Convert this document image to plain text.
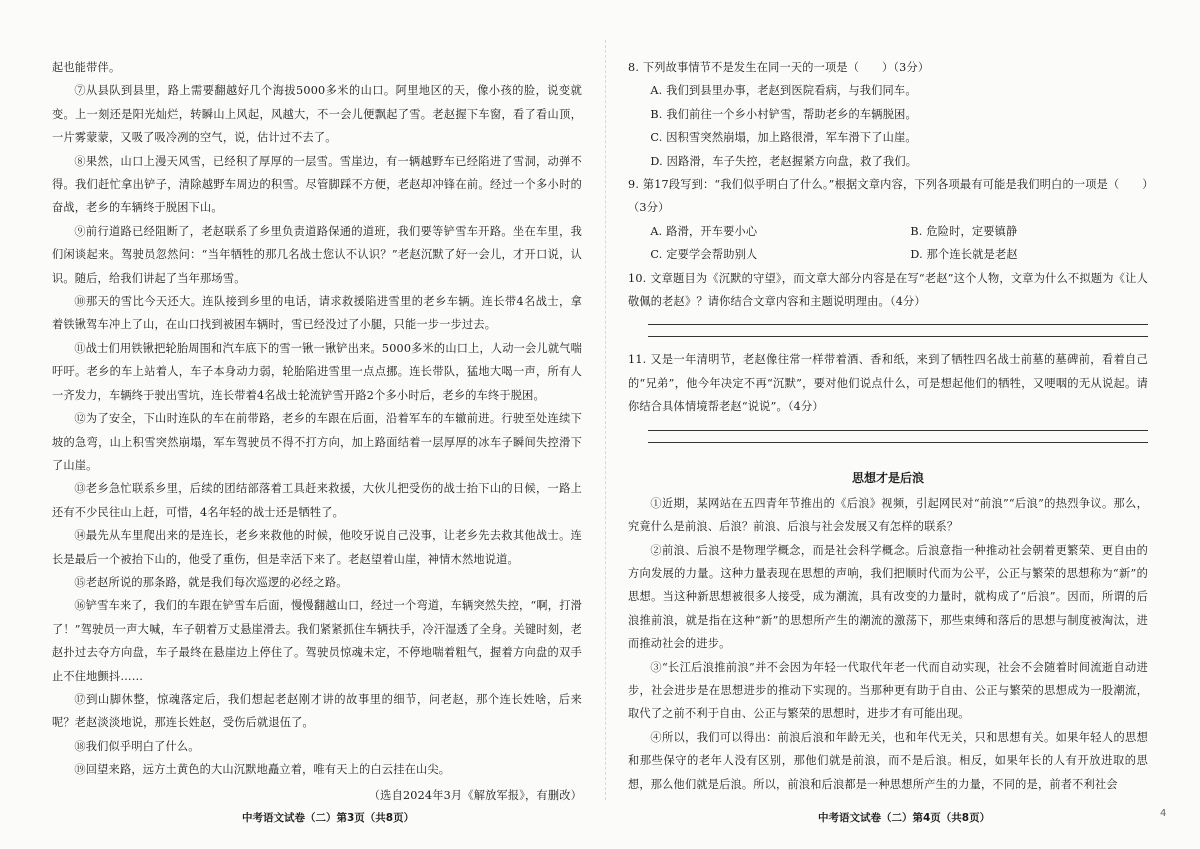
起也能带伴。

⑦从县队到县里，路上需要翻越好几个海拔5000多米的山口。阿里地区的天，像小孩的脸，说变就变。上一刻还是阳光灿烂，转瞬山上风起，风越大，不一会儿便飘起了雪。老赵握下车窗，看了看山顶，一片雾蒙蒙，又吸了吸冷冽的空气，说，估计过不去了。

⑧果然，山口上漫天风雪，已经积了厚厚的一层雪。雪崖边，有一辆越野车已经陷进了雪洞，动弹不得。我们赶忙拿出铲子，清除越野车周边的积雪。尽管脚踩不方便，老赵却冲锋在前。经过一个多小时的奋战，老乡的车辆终于脱困下山。

⑨前行道路已经阻断了，老赵联系了乡里负责道路保通的道班，我们要等铲雪车开路。坐在车里，我们闲谈起来。驾驶员忽然问：“当年牺牲的那几名战士您认不认识？”老赵沉默了好一会儿，才开口说，认识。随后，给我们讲起了当年那场雪。

⑩那天的雪比今天还大。连队接到乡里的电话，请求救援陷进雪里的老乡车辆。连长带4名战士，拿着铁锹驾车冲上了山，在山口找到被困车辆时，雪已经没过了小腿，只能一步一步过去。

⑪战士们用铁锹把轮胎周围和汽车底下的雪一锹一锹铲出来。5000多米的山口上，人动一会儿就气喘吁吁。老乡的车上站着人，车子本身动力弱，轮胎陷进雪里一点点挪。连长带队，猛地大喝一声，所有人一齐发力，车辆终于驶出雪坑，连长带着4名战士轮流铲雪开路2个多小时后，老乡的车终于脱困。

⑫为了安全，下山时连队的车在前带路，老乡的车跟在后面，沿着军车的车辙前进。行驶至处连续下坡的急弯，山上积雪突然崩塌，军车驾驶员不得不打方向，加上路面结着一层厚厚的冰车子瞬间失控滑下了山崖。

⑬老乡急忙联系乡里，后续的团结部落着工具赶来救援，大伙儿把受伤的战士抬下山的日候，一路上还有不少民往山上赶，可惜，4名年轻的战士还是牺牲了。

⑭最先从车里爬出来的是连长，老乡来救他的时候，他咬牙说自己没事，让老乡先去救其他战士。连长是最后一个被抬下山的，他受了重伤，但是幸活下来了。老赵望着山崖，神情木然地说道。

⑮老赵所说的那条路，就是我们每次巡逻的必经之路。

⑯铲雪车来了，我们的车跟在铲雪车后面，慢慢翻越山口，经过一个弯道，车辆突然失控，“啊，打滑了！”驾驶员一声大喊，车子朝着万丈悬崖滑去。我们紧紧抓住车辆扶手，冷汗湿透了全身。关键时刻，老赵扑过去夺方向盘，车子最终在悬崖边上停住了。驾驶员惊魂未定，不停地喘着粗气，握着方向盘的双手止不住地颤抖……

⑰到山脚休整，惊魂落定后，我们想起老赵刚才讲的故事里的细节，问老赵，那个连长姓啥，后来呢？老赵淡淡地说，那连长姓赵，受伤后就退伍了。

⑱我们似乎明白了什么。

⑲回望来路，远方土黄色的大山沉默地矗立着，唯有天上的白云挂在山尖。

（选自2024年3月《解放军报》，有删改）

8. 下列故事情节不是发生在同一天的一项是（　　）（3分）

A. 我们到县里办事，老赵到医院看病，与我们同车。

B. 我们前往一个乡小村铲雪，帮助老乡的车辆脱困。

C. 因积雪突然崩塌，加上路很滑，军车滑下了山崖。

D. 因路滑，车子失控，老赵握紧方向盘，救了我们。

9. 第17段写到：“我们似乎明白了什么。”根据文章内容，下列各项最有可能是我们明白的一项是（　　）（3分）

A. 路滑，开车要小心	B. 危险时，定要镇静

C. 定要学会帮助别人	D. 那个连长就是老赵

10. 文章题目为《沉默的守望》，而文章大部分内容是在写“老赵”这个人物，文章为什么不拟题为《让人敬佩的老赵》？请你结合文章内容和主题说明理由。（4分）

11. 又是一年清明节，老赵像往常一样带着酒、香和纸，来到了牺牲四名战士前墓的墓碑前，看着自己的“兄弟”，他今年决定不再“沉默”，要对他们说点什么，可是想起他们的牺牲，又哽咽的无从说起。请你结合具体情境帮老赵“说说”。（4分）

思想才是后浪

①近期，某网站在五四青年节推出的《后浪》视频，引起网民对“前浪”“后浪”的热烈争议。那么，究竟什么是前浪、后浪？前浪、后浪与社会发展又有怎样的联系？

②前浪、后浪不是物理学概念，而是社会科学概念。后浪意指一种推动社会朝着更繁荣、更自由的方向发展的力量。这种力量表现在思想的声响，我们把顺时代而为公平，公正与繁荣的思想称为“新”的思想。当这种新思想被很多人接受，成为潮流，具有改变的力量时，就构成了“后浪”。因而，所谓的后浪推前浪，就是指在这种“新”的思想所产生的潮流的激荡下，那些束缚和落后的思想与制度被淘汰，进而推动社会的进步。

③“长江后浪推前浪”并不会因为年轻一代取代年老一代而自动实现，社会不会随着时间流逝自动进步，社会进步是在思想进步的推动下实现的。当那种更有助于自由、公正与繁荣的思想成为一股潮流，取代了之前不利于自由、公正与繁荣的思想时，进步才有可能出现。

④所以，我们可以得出：前浪后浪和年龄无关，也和年代无关，只和思想有关。如果年轻人的思想和那些保守的老年人没有区别，那他们就是前浪，而不是后浪。相反，如果年长的人有开放进取的思想，那么他们就是后浪。所以，前浪和后浪都是一种思想所产生的力量，不同的是，前者不利社会

中考语文试卷（二）第3页（共8页）	中考语文试卷（二）第4页（共8页）	4
